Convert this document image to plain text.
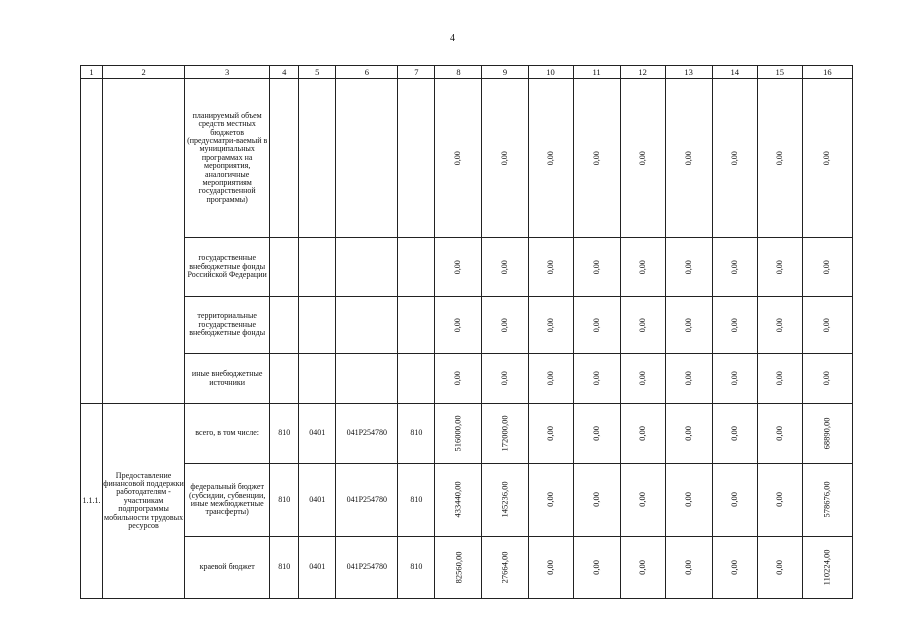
4
1	2	3	4	5	6	7	8	9	10	11	12	13	14	15	16
		планируемый объем средств местных бюджетов (предусматри-ваемый в муниципальных программах на мероприятия, аналогичные мероприятиям государственной программы)					0,00	0,00	0,00	0,00	0,00	0,00	0,00	0,00	0,00
		государственные внебюджетные фонды Российской Федерации					0,00	0,00	0,00	0,00	0,00	0,00	0,00	0,00	0,00
		территориальные государственные внебюджетные фонды					0,00	0,00	0,00	0,00	0,00	0,00	0,00	0,00	0,00
		иные внебюджетные источники					0,00	0,00	0,00	0,00	0,00	0,00	0,00	0,00	0,00
1.1.1.	Предоставление финансовой поддержки работодателям - участникам подпрограммы мобильности трудовых ресурсов	всего, в том числе:	810	0401	041P254780	810	516000,00	172000,00	0,00	0,00	0,00	0,00	0,00	0,00	68890,00
		федеральный бюджет (субсидии, субвенции, иные межбюджетные трансферты)	810	0401	041P254780	810	433440,00	145236,00	0,00	0,00	0,00	0,00	0,00	0,00	578676,00
		краевой бюджет	810	0401	041P254780	810	82560,00	27664,00	0,00	0,00	0,00	0,00	0,00	0,00	110224,00
